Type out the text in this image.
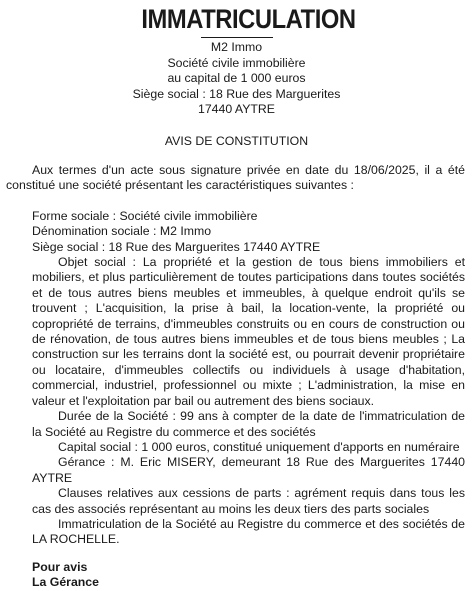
IMMATRICULATION
M2 Immo
Société civile immobilière
au capital de 1 000 euros
Siège social : 18 Rue des Marguerites
17440 AYTRE
AVIS DE CONSTITUTION

Aux termes d'un acte sous signature privée en date du 18/06/2025, il a été constitué une société présentant les caractéristiques suivantes :

Forme sociale : Société civile immobilière
Dénomination sociale : M2 Immo
Siège social : 18 Rue des Marguerites 17440 AYTRE

Objet social : La propriété et la gestion de tous biens immobiliers et mobiliers, et plus particulièrement de toutes participations dans toutes sociétés et de tous autres biens meubles et immeubles, à quelque endroit qu'ils se trouvent ; L'acquisition, la prise à bail, la location-vente, la propriété ou copropriété de terrains, d'immeubles construits ou en cours de construction ou de rénovation, de tous autres biens immeubles et de tous biens meubles ; La construction sur les terrains dont la société est, ou pourrait devenir propriétaire ou locataire, d'immeubles collectifs ou individuels à usage d'habitation, commercial, industriel, professionnel ou mixte ; L'administration, la mise en valeur et l'exploitation par bail ou autrement des biens sociaux.

Durée de la Société : 99 ans à compter de la date de l'immatriculation de la Société au Registre du commerce et des sociétés

Capital social : 1 000 euros, constitué uniquement d'apports en numéraire

Gérance : M. Eric MISERY, demeurant 18 Rue des Marguerites 17440 AYTRE

Clauses relatives aux cessions de parts : agrément requis dans tous les cas des associés représentant au moins les deux tiers des parts sociales

Immatriculation de la Société au Registre du commerce et des sociétés de LA ROCHELLE.

Pour avis
La Gérance
